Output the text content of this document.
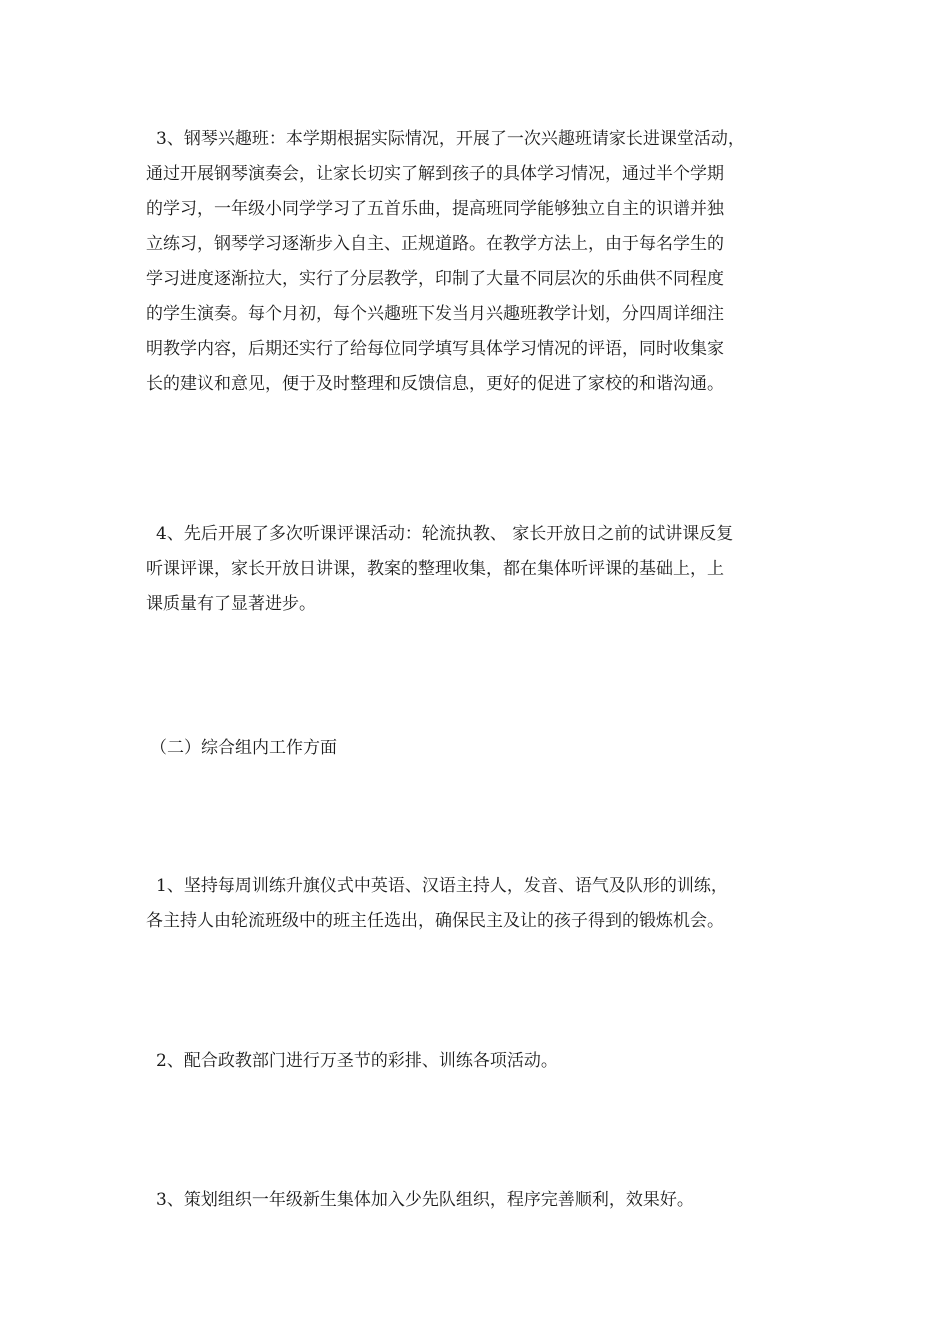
3、钢琴兴趣班：本学期根据实际情况，开展了一次兴趣班请家长进课堂活动，
通过开展钢琴演奏会，让家长切实了解到孩子的具体学习情况，通过半个学期
的学习，一年级小同学学习了五首乐曲，提高班同学能够独立自主的识谱并独
立练习，钢琴学习逐渐步入自主、正规道路。在教学方法上，由于每名学生的
学习进度逐渐拉大，实行了分层教学，印制了大量不同层次的乐曲供不同程度
的学生演奏。每个月初，每个兴趣班下发当月兴趣班教学计划，分四周详细注
明教学内容，后期还实行了给每位同学填写具体学习情况的评语，同时收集家
长的建议和意见，便于及时整理和反馈信息，更好的促进了家校的和谐沟通。
4、先后开展了多次听课评课活动：轮流执教、 家长开放日之前的试讲课反复
听课评课，家长开放日讲课，教案的整理收集，都在集体听评课的基础上，上
课质量有了显著进步。
（二）综合组内工作方面
1、坚持每周训练升旗仪式中英语、汉语主持人，发音、语气及队形的训练，
各主持人由轮流班级中的班主任选出，确保民主及让的孩子得到的锻炼机会。
2、配合政教部门进行万圣节的彩排、训练各项活动。
3、策划组织一年级新生集体加入少先队组织，程序完善顺利，效果好。
